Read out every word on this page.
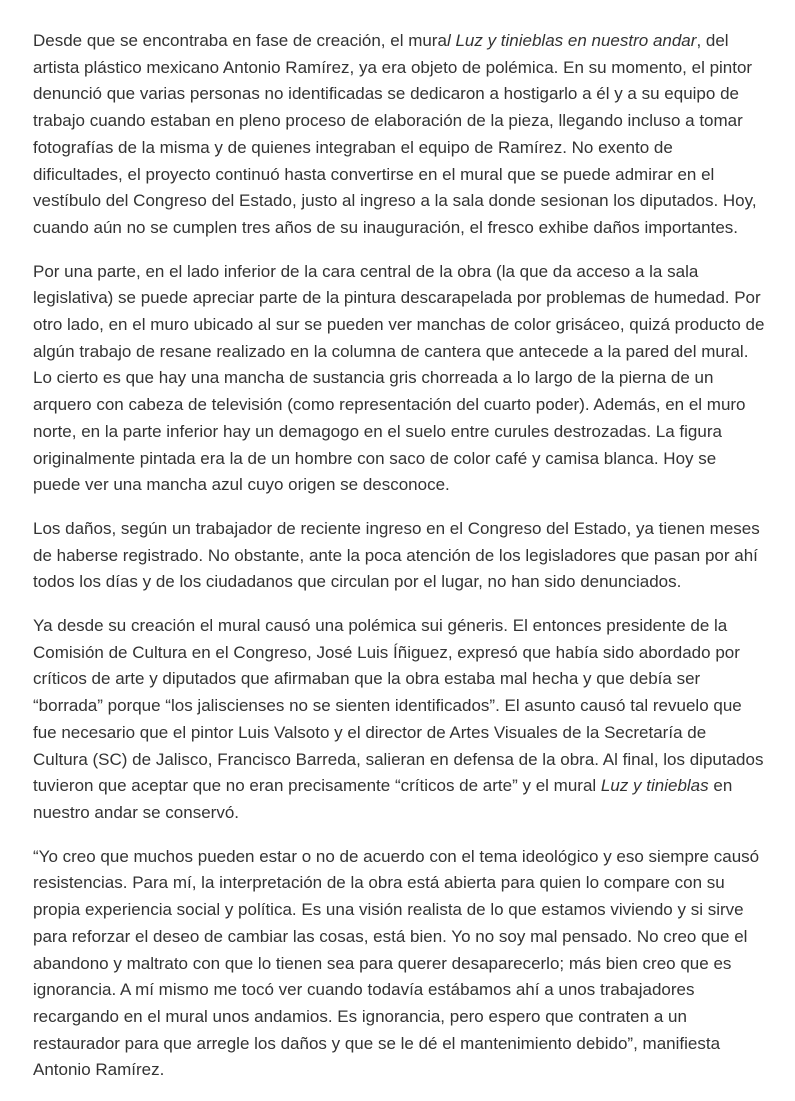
Desde que se encontraba en fase de creación, el mural Luz y tinieblas en nuestro andar, del artista plástico mexicano Antonio Ramírez, ya era objeto de polémica. En su momento, el pintor denunció que varias personas no identificadas se dedicaron a hostigarlo a él y a su equipo de trabajo cuando estaban en pleno proceso de elaboración de la pieza, llegando incluso a tomar fotografías de la misma y de quienes integraban el equipo de Ramírez. No exento de dificultades, el proyecto continuó hasta convertirse en el mural que se puede admirar en el vestíbulo del Congreso del Estado, justo al ingreso a la sala donde sesionan los diputados. Hoy, cuando aún no se cumplen tres años de su inauguración, el fresco exhibe daños importantes.

Por una parte, en el lado inferior de la cara central de la obra (la que da acceso a la sala legislativa) se puede apreciar parte de la pintura descarapelada por problemas de humedad. Por otro lado, en el muro ubicado al sur se pueden ver manchas de color grisáceo, quizá producto de algún trabajo de resane realizado en la columna de cantera que antecede a la pared del mural. Lo cierto es que hay una mancha de sustancia gris chorreada a lo largo de la pierna de un arquero con cabeza de televisión (como representación del cuarto poder). Además, en el muro norte, en la parte inferior hay un demagogo en el suelo entre curules destrozadas. La figura originalmente pintada era la de un hombre con saco de color café y camisa blanca. Hoy se puede ver una mancha azul cuyo origen se desconoce.

Los daños, según un trabajador de reciente ingreso en el Congreso del Estado, ya tienen meses de haberse registrado. No obstante, ante la poca atención de los legisladores que pasan por ahí todos los días y de los ciudadanos que circulan por el lugar, no han sido denunciados.

Ya desde su creación el mural causó una polémica sui géneris. El entonces presidente de la Comisión de Cultura en el Congreso, José Luis Íñiguez, expresó que había sido abordado por críticos de arte y diputados que afirmaban que la obra estaba mal hecha y que debía ser “borrada” porque “los jaliscienses no se sienten identificados”. El asunto causó tal revuelo que fue necesario que el pintor Luis Valsoto y el director de Artes Visuales de la Secretaría de Cultura (SC) de Jalisco, Francisco Barreda, salieran en defensa de la obra. Al final, los diputados tuvieron que aceptar que no eran precisamente “críticos de arte” y el mural Luz y tinieblas en nuestro andar se conservó.

“Yo creo que muchos pueden estar o no de acuerdo con el tema ideológico y eso siempre causó resistencias. Para mí, la interpretación de la obra está abierta para quien lo compare con su propia experiencia social y política. Es una visión realista de lo que estamos viviendo y si sirve para reforzar el deseo de cambiar las cosas, está bien. Yo no soy mal pensado. No creo que el abandono y maltrato con que lo tienen sea para querer desaparecerlo; más bien creo que es ignorancia. A mí mismo me tocó ver cuando todavía estábamos ahí a unos trabajadores recargando en el mural unos andamios. Es ignorancia, pero espero que contraten a un restaurador para que arregle los daños y que se le dé el mantenimiento debido”, manifiesta Antonio Ramírez.
